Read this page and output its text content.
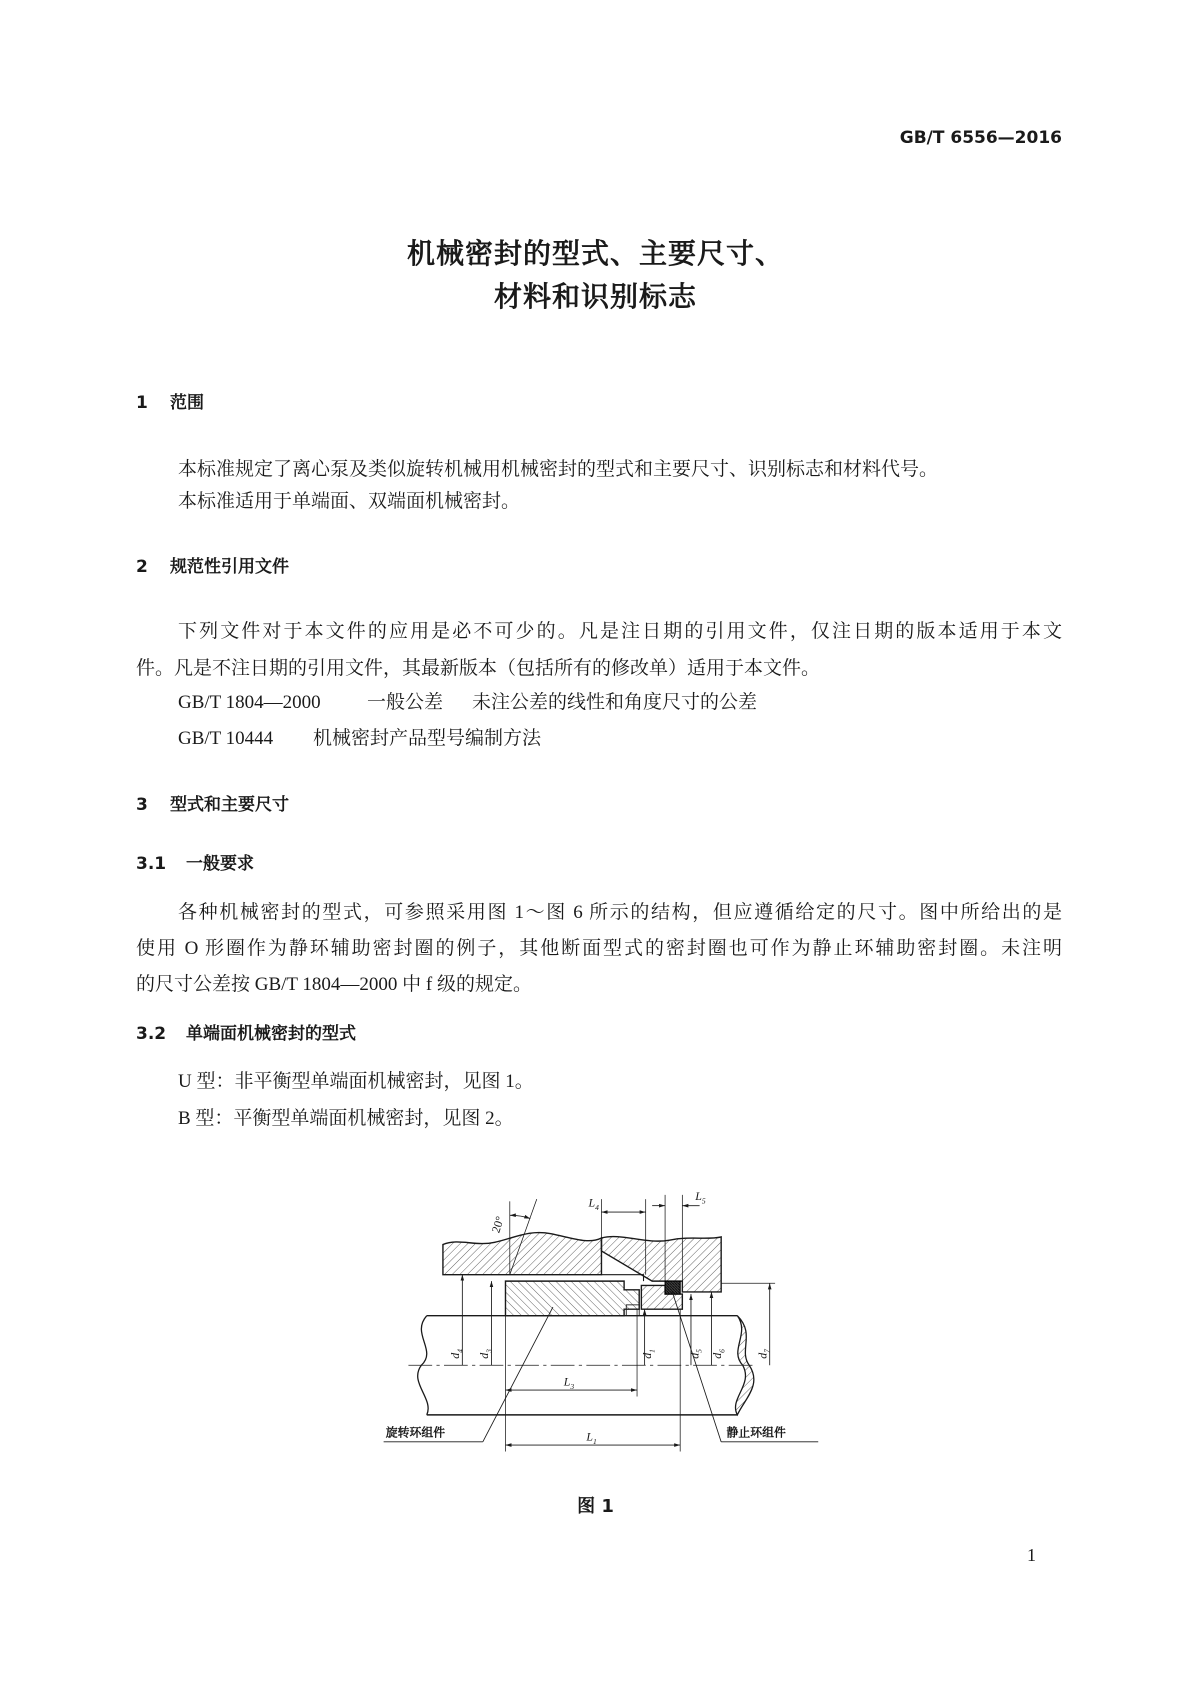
GB/T 6556—2016
机械密封的型式、主要尺寸、
材料和识别标志
1 范围
本标准规定了离心泵及类似旋转机械用机械密封的型式和主要尺寸、识别标志和材料代号。
本标准适用于单端面、双端面机械密封。
2 规范性引用文件
下列文件对于本文件的应用是必不可少的。凡是注日期的引用文件，仅注日期的版本适用于本文
件。凡是不注日期的引用文件，其最新版本（包括所有的修改单）适用于本文件。
GB/T 1804—2000 一般公差 未注公差的线性和角度尺寸的公差
GB/T 10444 机械密封产品型号编制方法
3 型式和主要尺寸
3.1 一般要求
各种机械密封的型式，可参照采用图 1～图 6 所示的结构，但应遵循给定的尺寸。图中所给出的是
使用 O 形圈作为静环辅助密封圈的例子，其他断面型式的密封圈也可作为静止环辅助密封圈。未注明
的尺寸公差按 GB/T 1804—2000 中 f 级的规定。
3.2 单端面机械密封的型式
U 型：非平衡型单端面机械密封，见图 1。
B 型：平衡型单端面机械密封，见图 2。
20°
$L_4$
$L_5$
$L_3$
$L_1$
$d_4$
$d_3$
$d_1$
$d_5$
$d_6$
$d_7$
旋转环组件	静止环组件
图 1
1
